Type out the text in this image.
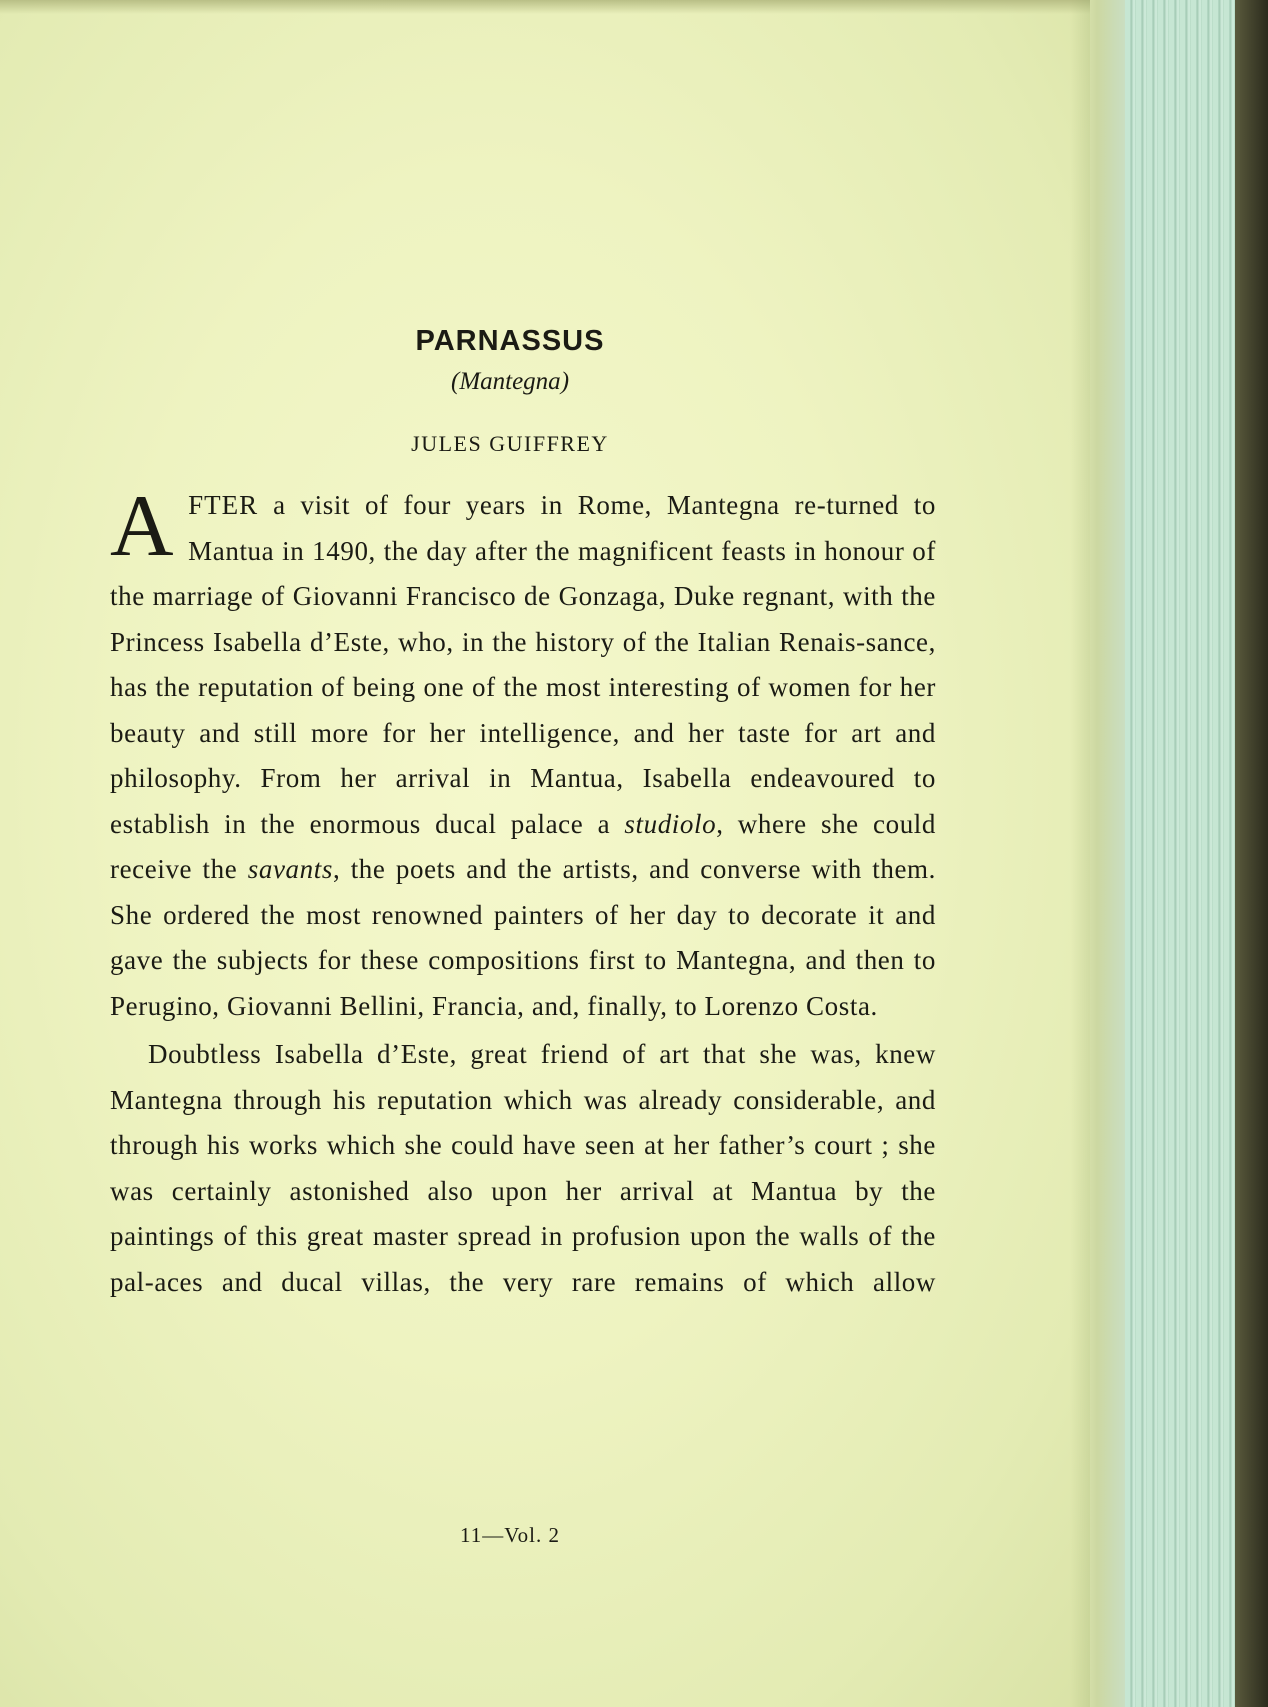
PARNASSUS
(Mantegna)
JULES GUIFFREY

AFTER a visit of four years in Rome, Mantegna re-turned to Mantua in 1490, the day after the magnificent feasts in honour of the marriage of Giovanni Francisco de Gonzaga, Duke regnant, with the Princess Isabella d’Este, who, in the history of the Italian Renais-sance, has the reputation of being one of the most interesting of women for her beauty and still more for her intelligence, and her taste for art and philosophy. From her arrival in Mantua, Isabella endeavoured to establish in the enormous ducal palace a studiolo, where she could receive the savants, the poets and the artists, and converse with them. She ordered the most renowned painters of her day to decorate it and gave the subjects for these compositions first to Mantegna, and then to Perugino, Giovanni Bellini, Francia, and, finally, to Lorenzo Costa.

Doubtless Isabella d’Este, great friend of art that she was, knew Mantegna through his reputation which was already considerable, and through his works which she could have seen at her father’s court ; she was certainly astonished also upon her arrival at Mantua by the paintings of this great master spread in profusion upon the walls of the pal-aces and ducal villas, the very rare remains of which allow

11—Vol. 2
